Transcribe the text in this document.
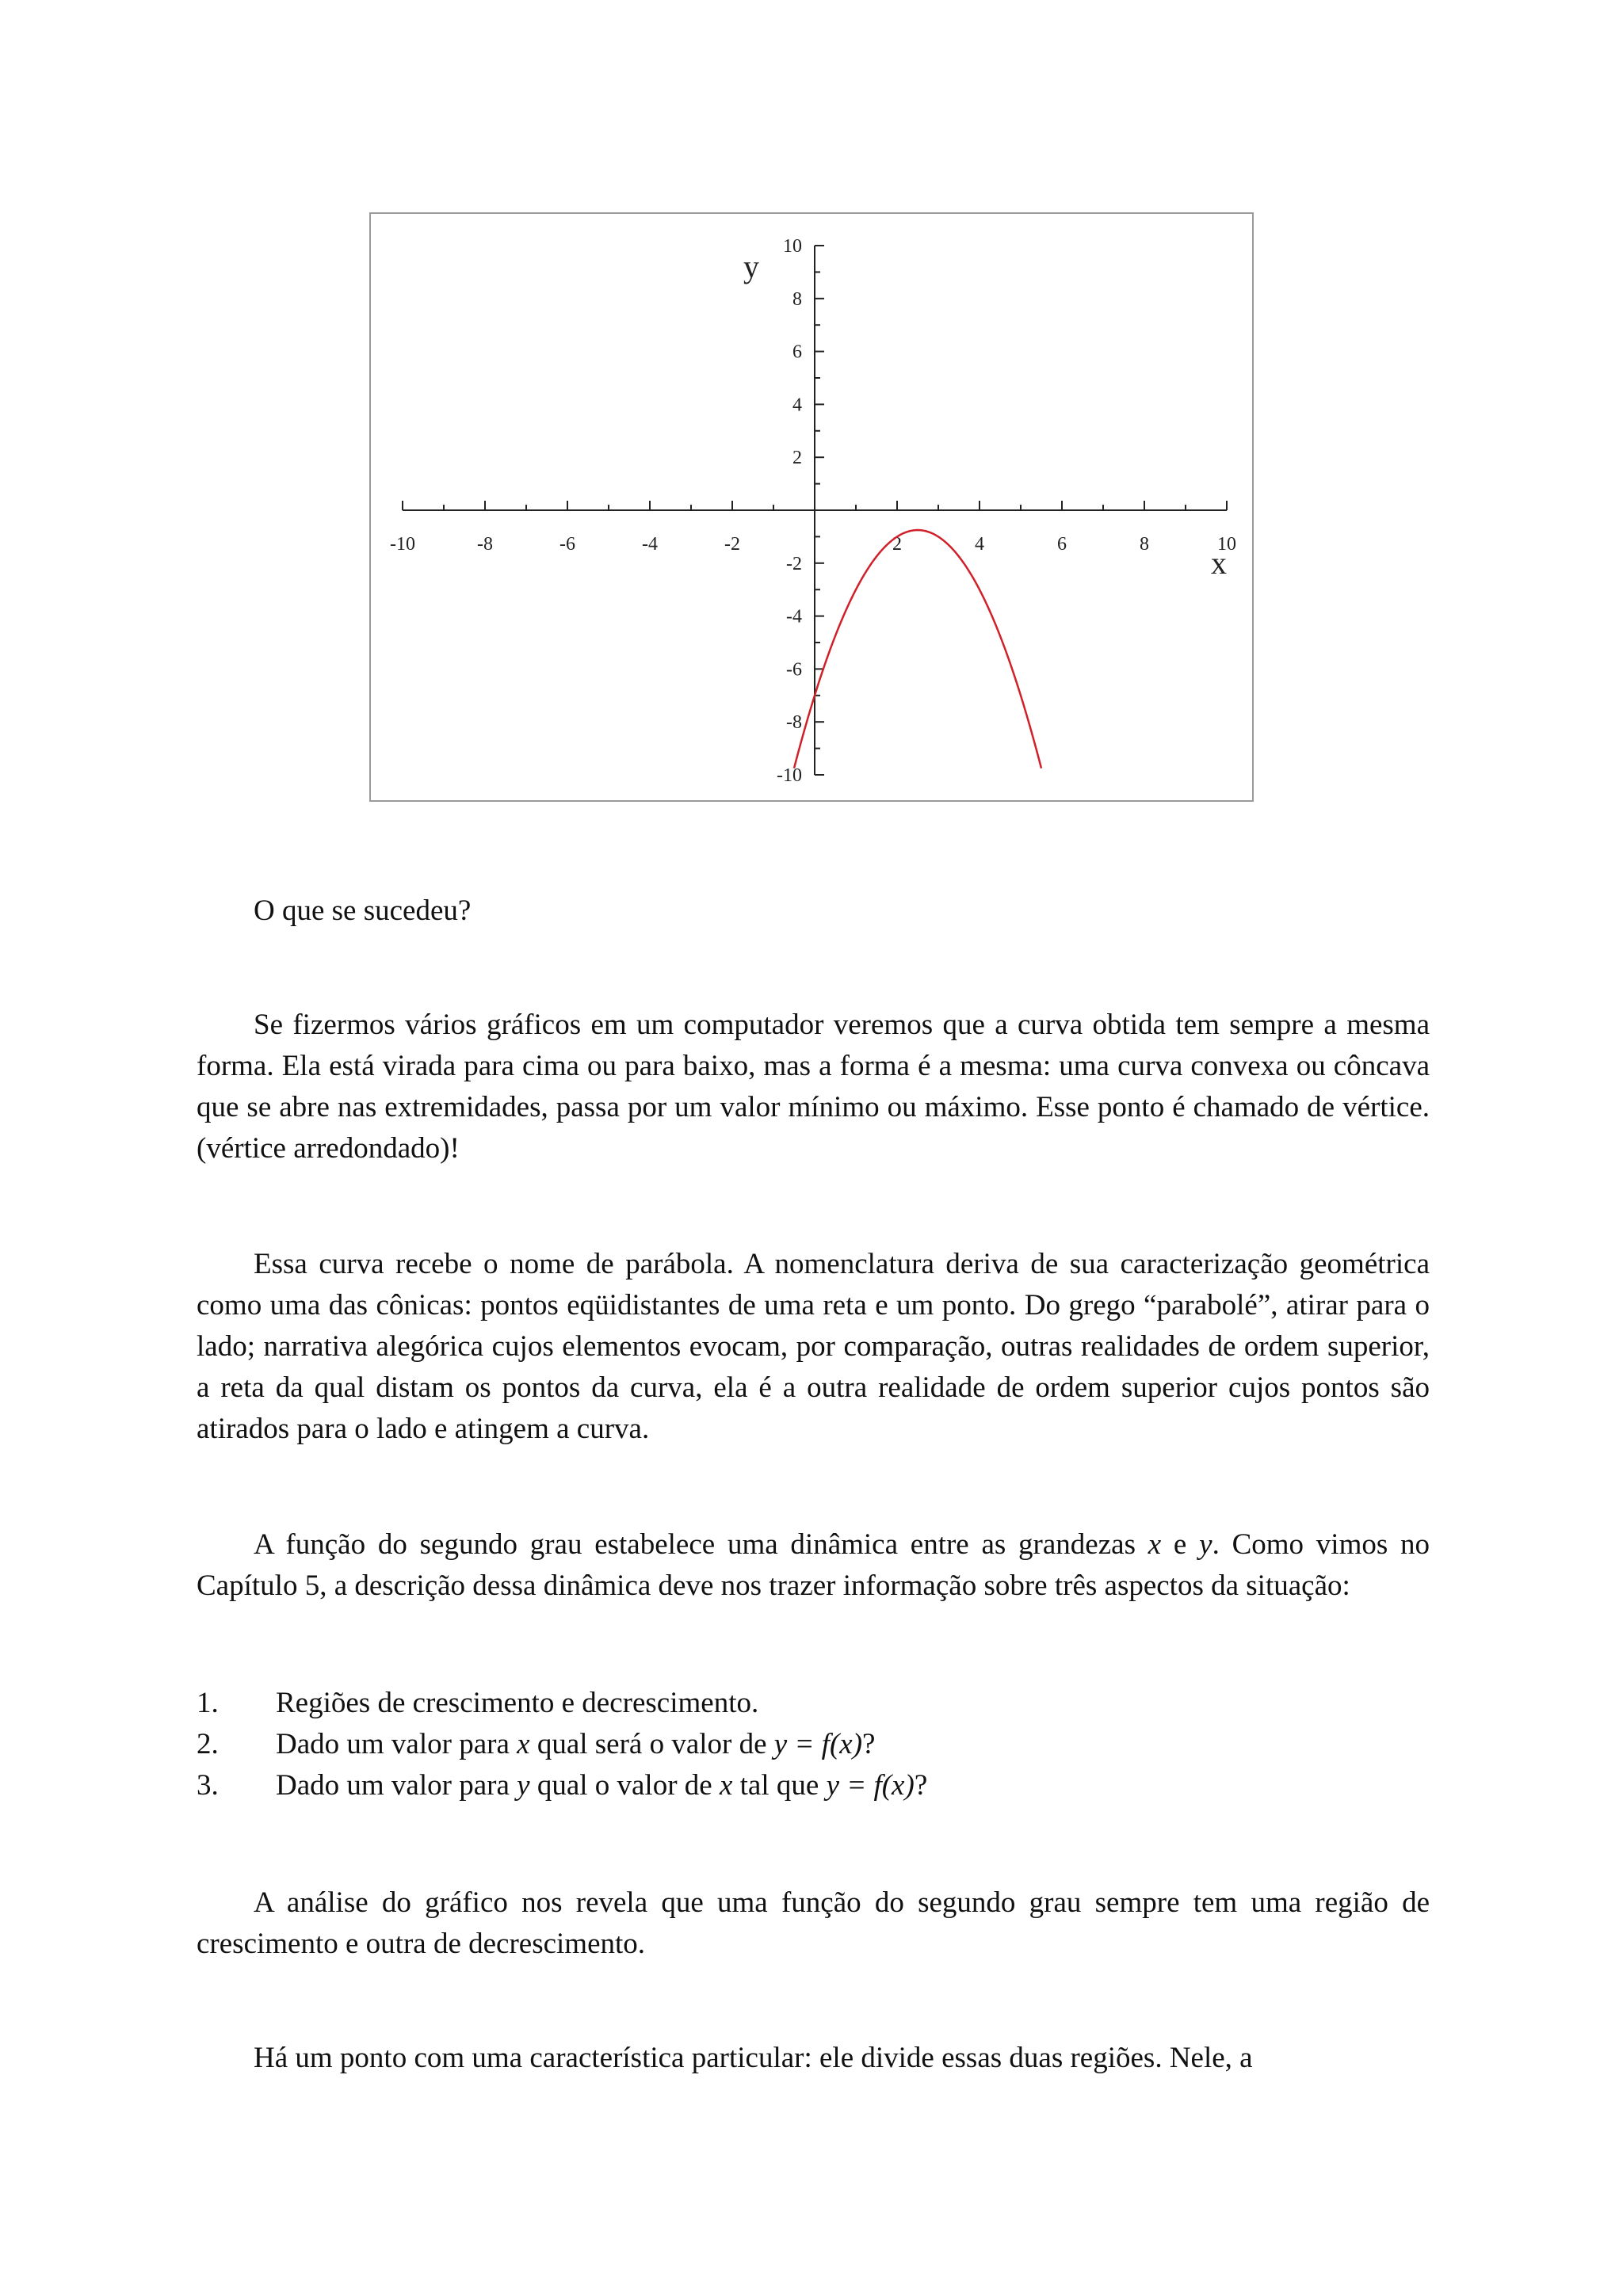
-10	-8	-6	-4	-2	2	4	6	8	10
10
8
6
4
2
-2
-4
-6
-8
-10
x
y

O que se sucedeu?

Se fizermos vários gráficos em um computador veremos que a curva obtida tem sempre a mesma forma. Ela está virada para cima ou para baixo, mas a forma é a mesma: uma curva convexa ou côncava que se abre nas extremidades, passa por um valor mínimo ou máximo. Esse ponto é chamado de vértice. (vértice arredondado)!

Essa curva recebe o nome de parábola. A nomenclatura deriva de sua caracterização geométrica como uma das cônicas: pontos eqüidistantes de uma reta e um ponto. Do grego “parabolé”, atirar para o lado; narrativa alegórica cujos elementos evocam, por comparação, outras realidades de ordem superior, a reta da qual distam os pontos da curva, ela é a outra realidade de ordem superior cujos pontos são atirados para o lado e atingem a curva.

A função do segundo grau estabelece uma dinâmica entre as grandezas x e y. Como vimos no Capítulo 5, a descrição dessa dinâmica deve nos trazer informação sobre três aspectos da situação:

1.	Regiões de crescimento e decrescimento.
2.	Dado um valor para x qual será o valor de y = f(x)?
3.	Dado um valor para y qual o valor de x tal que y = f(x)?

A análise do gráfico nos revela que uma função do segundo grau sempre tem uma região de crescimento e outra de decrescimento.

Há um ponto com uma característica particular: ele divide essas duas regiões. Nele, a
